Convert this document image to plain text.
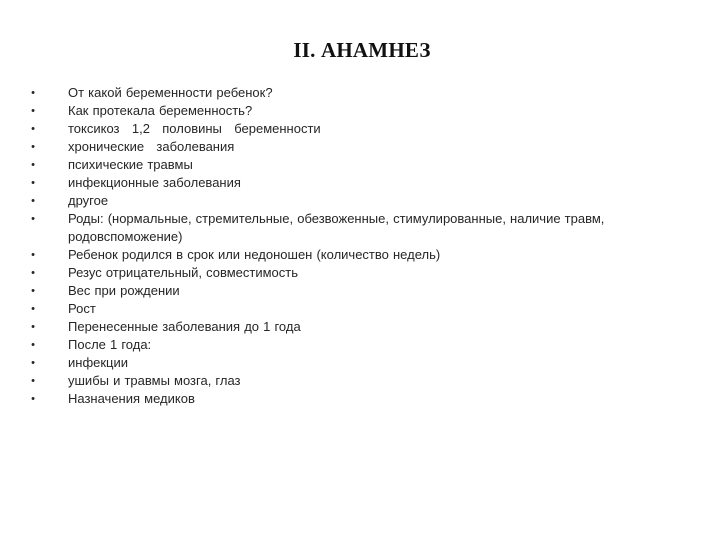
II. АНАМНЕЗ
•	От какой беременности ребенок?
•	Как протекала беременность?
•	токсикоз   1,2   половины   беременности
•	хронические   заболевания
•	психические травмы
•	инфекционные заболевания
•	другое
•	Роды: (нормальные, стремительные, обезвоженные, стимулированные, наличие травм, родовспоможение)
•	Ребенок родился в срок или недоношен (количество недель)
•	Резус отрицательный, совместимость
•	Вес при рождении
•	Рост
•	Перенесенные заболевания до 1 года
•	После 1 года:
•	инфекции
•	ушибы и травмы мозга, глаз
•	Назначения медиков
